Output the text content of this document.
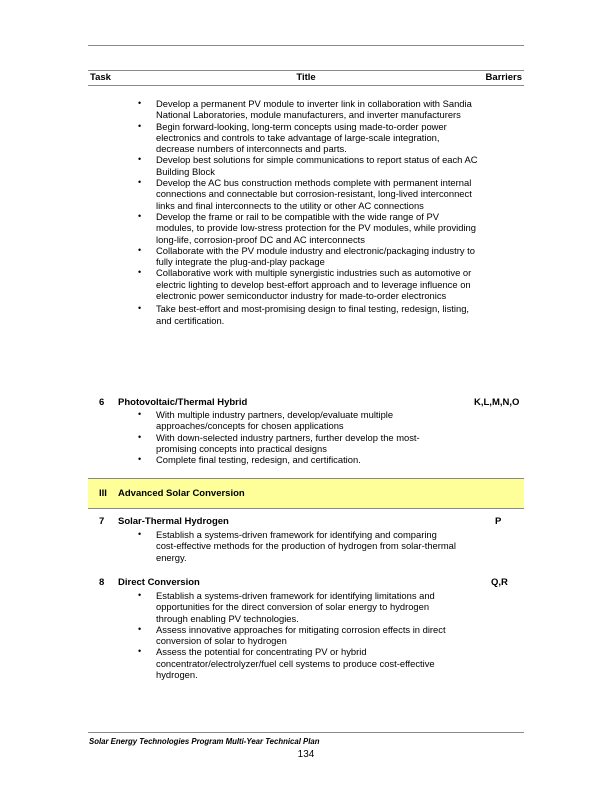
Task	Title	Barriers
• Develop a permanent PV module to inverter link in collaboration with Sandia National Laboratories, module manufacturers, and inverter manufacturers
• Begin forward-looking, long-term concepts using made-to-order power electronics and controls to take advantage of large-scale integration, decrease numbers of interconnects and parts.
• Develop best solutions for simple communications to report status of each AC Building Block
• Develop the AC bus construction methods complete with permanent internal connections and connectable but corrosion-resistant, long-lived interconnect links and final interconnects to the utility or other AC connections
• Develop the frame or rail to be compatible with the wide range of PV modules, to provide low-stress protection for the PV modules, while providing long-life, corrosion-proof DC and AC interconnects
• Collaborate with the PV module industry and electronic/packaging industry to fully integrate the plug-and-play package
• Collaborative work with multiple synergistic industries such as automotive or electric lighting to develop best-effort approach and to leverage influence on electronic power semiconductor industry for made-to-order electronics
• Take best-effort and most-promising design to final testing, redesign, listing, and certification.
6 Photovoltaic/Thermal Hybrid	K,L,M,N,O
• With multiple industry partners, develop/evaluate multiple approaches/concepts for chosen applications
• With down-selected industry partners, further develop the most-promising concepts into practical designs
• Complete final testing, redesign, and certification.
III Advanced Solar Conversion
7 Solar-Thermal Hydrogen	P
• Establish a systems-driven framework for identifying and comparing cost-effective methods for the production of hydrogen from solar-thermal energy.
8 Direct Conversion	Q,R
• Establish a systems-driven framework for identifying limitations and opportunities for the direct conversion of solar energy to hydrogen through enabling PV technologies.
• Assess innovative approaches for mitigating corrosion effects in direct conversion of solar to hydrogen
• Assess the potential for concentrating PV or hybrid concentrator/electrolyzer/fuel cell systems to produce cost-effective hydrogen.
Solar Energy Technologies Program Multi-Year Technical Plan
134
